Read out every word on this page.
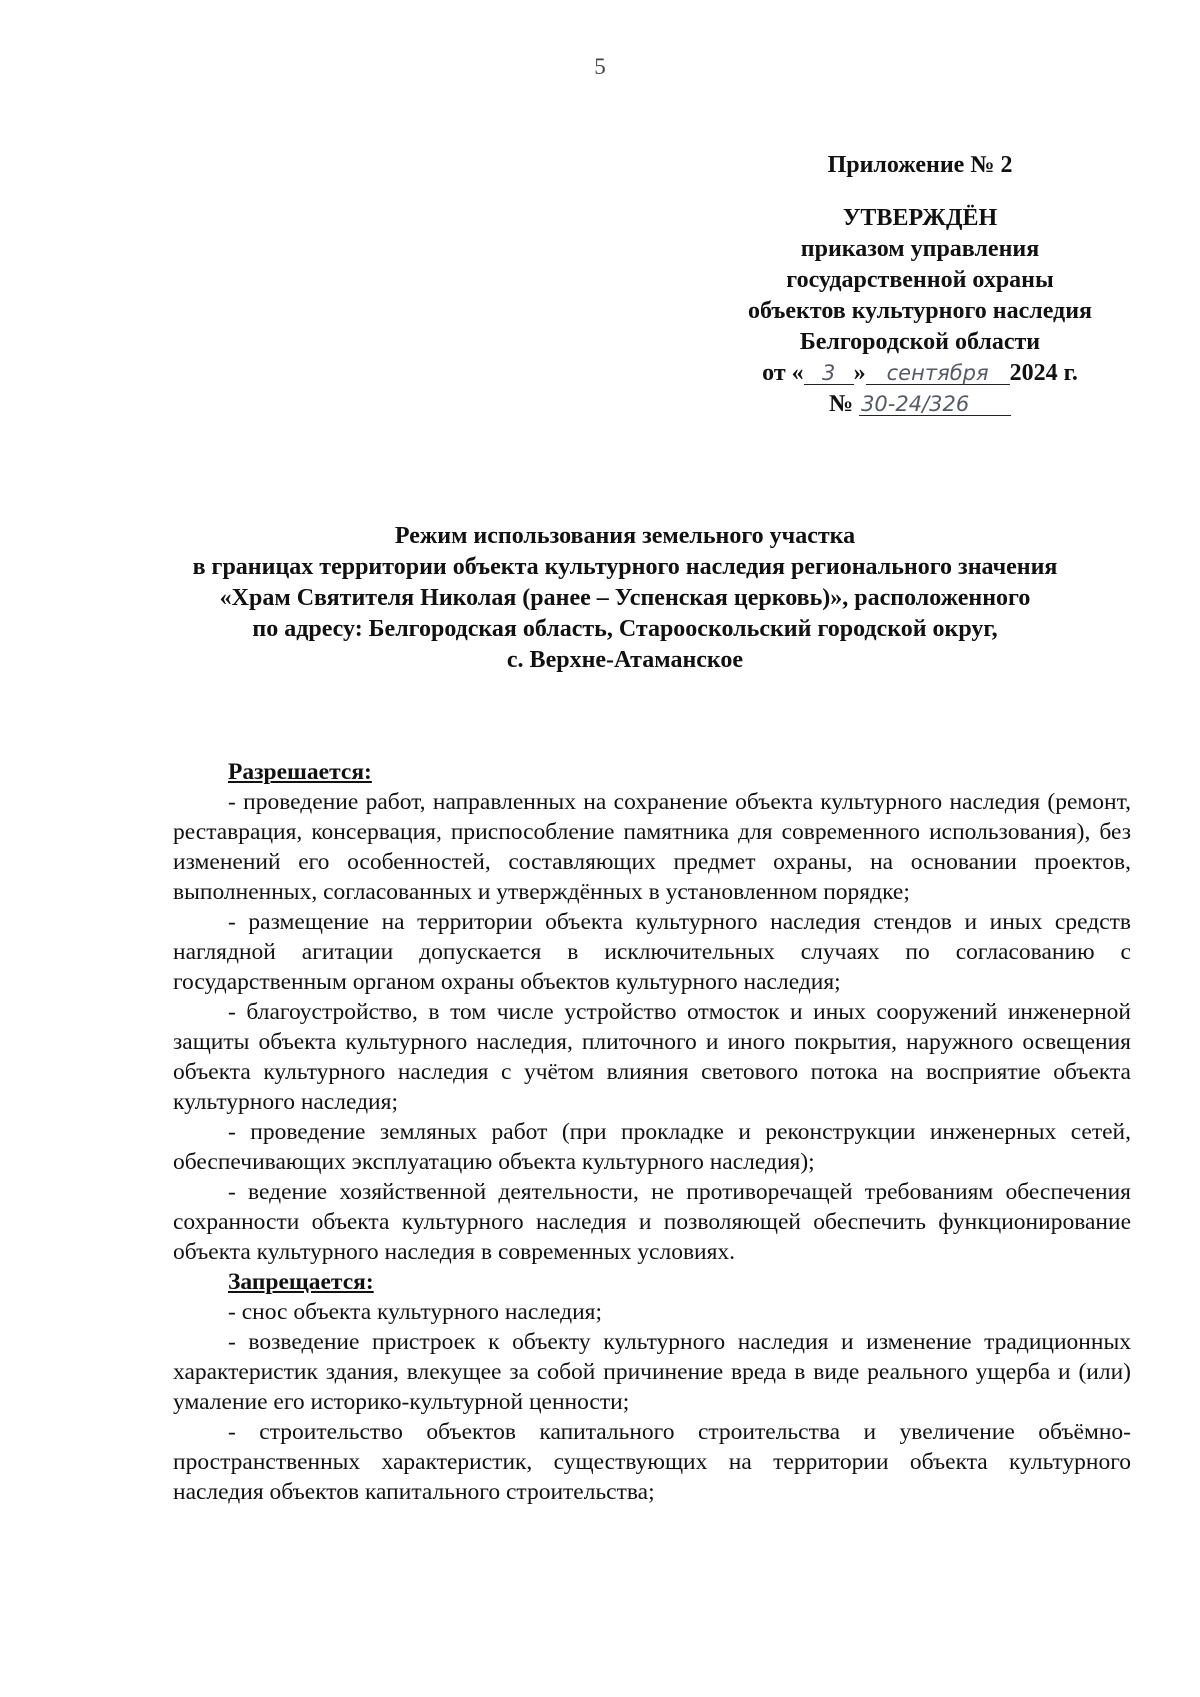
5
Приложение № 2
УТВЕРЖДЁН
приказом управления
государственной охраны
объектов культурного наследия
Белгородской области
от « 3 » сентября 2024 г.
№ 30-24/326
Режим использования земельного участка
в границах территории объекта культурного наследия регионального значения
«Храм Святителя Николая (ранее – Успенская церковь)», расположенного
по адресу: Белгородская область, Старооскольский городской округ,
с. Верхне-Атаманское
Разрешается:

- проведение работ, направленных на сохранение объекта культурного наследия (ремонт, реставрация, консервация, приспособление памятника для современного использования), без изменений его особенностей, составляющих предмет охраны, на основании проектов, выполненных, согласованных и утверждённых в установленном порядке;

- размещение на территории объекта культурного наследия стендов и иных средств наглядной агитации допускается в исключительных случаях по согласованию с государственным органом охраны объектов культурного наследия;

- благоустройство, в том числе устройство отмосток и иных сооружений инженерной защиты объекта культурного наследия, плиточного и иного покрытия, наружного освещения объекта культурного наследия с учётом влияния светового потока на восприятие объекта культурного наследия;

- проведение земляных работ (при прокладке и реконструкции инженерных сетей, обеспечивающих эксплуатацию объекта культурного наследия);

- ведение хозяйственной деятельности, не противоречащей требованиям обеспечения сохранности объекта культурного наследия и позволяющей обеспечить функционирование объекта культурного наследия в современных условиях.

Запрещается:

- снос объекта культурного наследия;

- возведение пристроек к объекту культурного наследия и изменение традиционных характеристик здания, влекущее за собой причинение вреда в виде реального ущерба и (или) умаление его историко-культурной ценности;

- строительство объектов капитального строительства и увеличение объёмно-пространственных характеристик, существующих на территории объекта культурного наследия объектов капитального строительства;
